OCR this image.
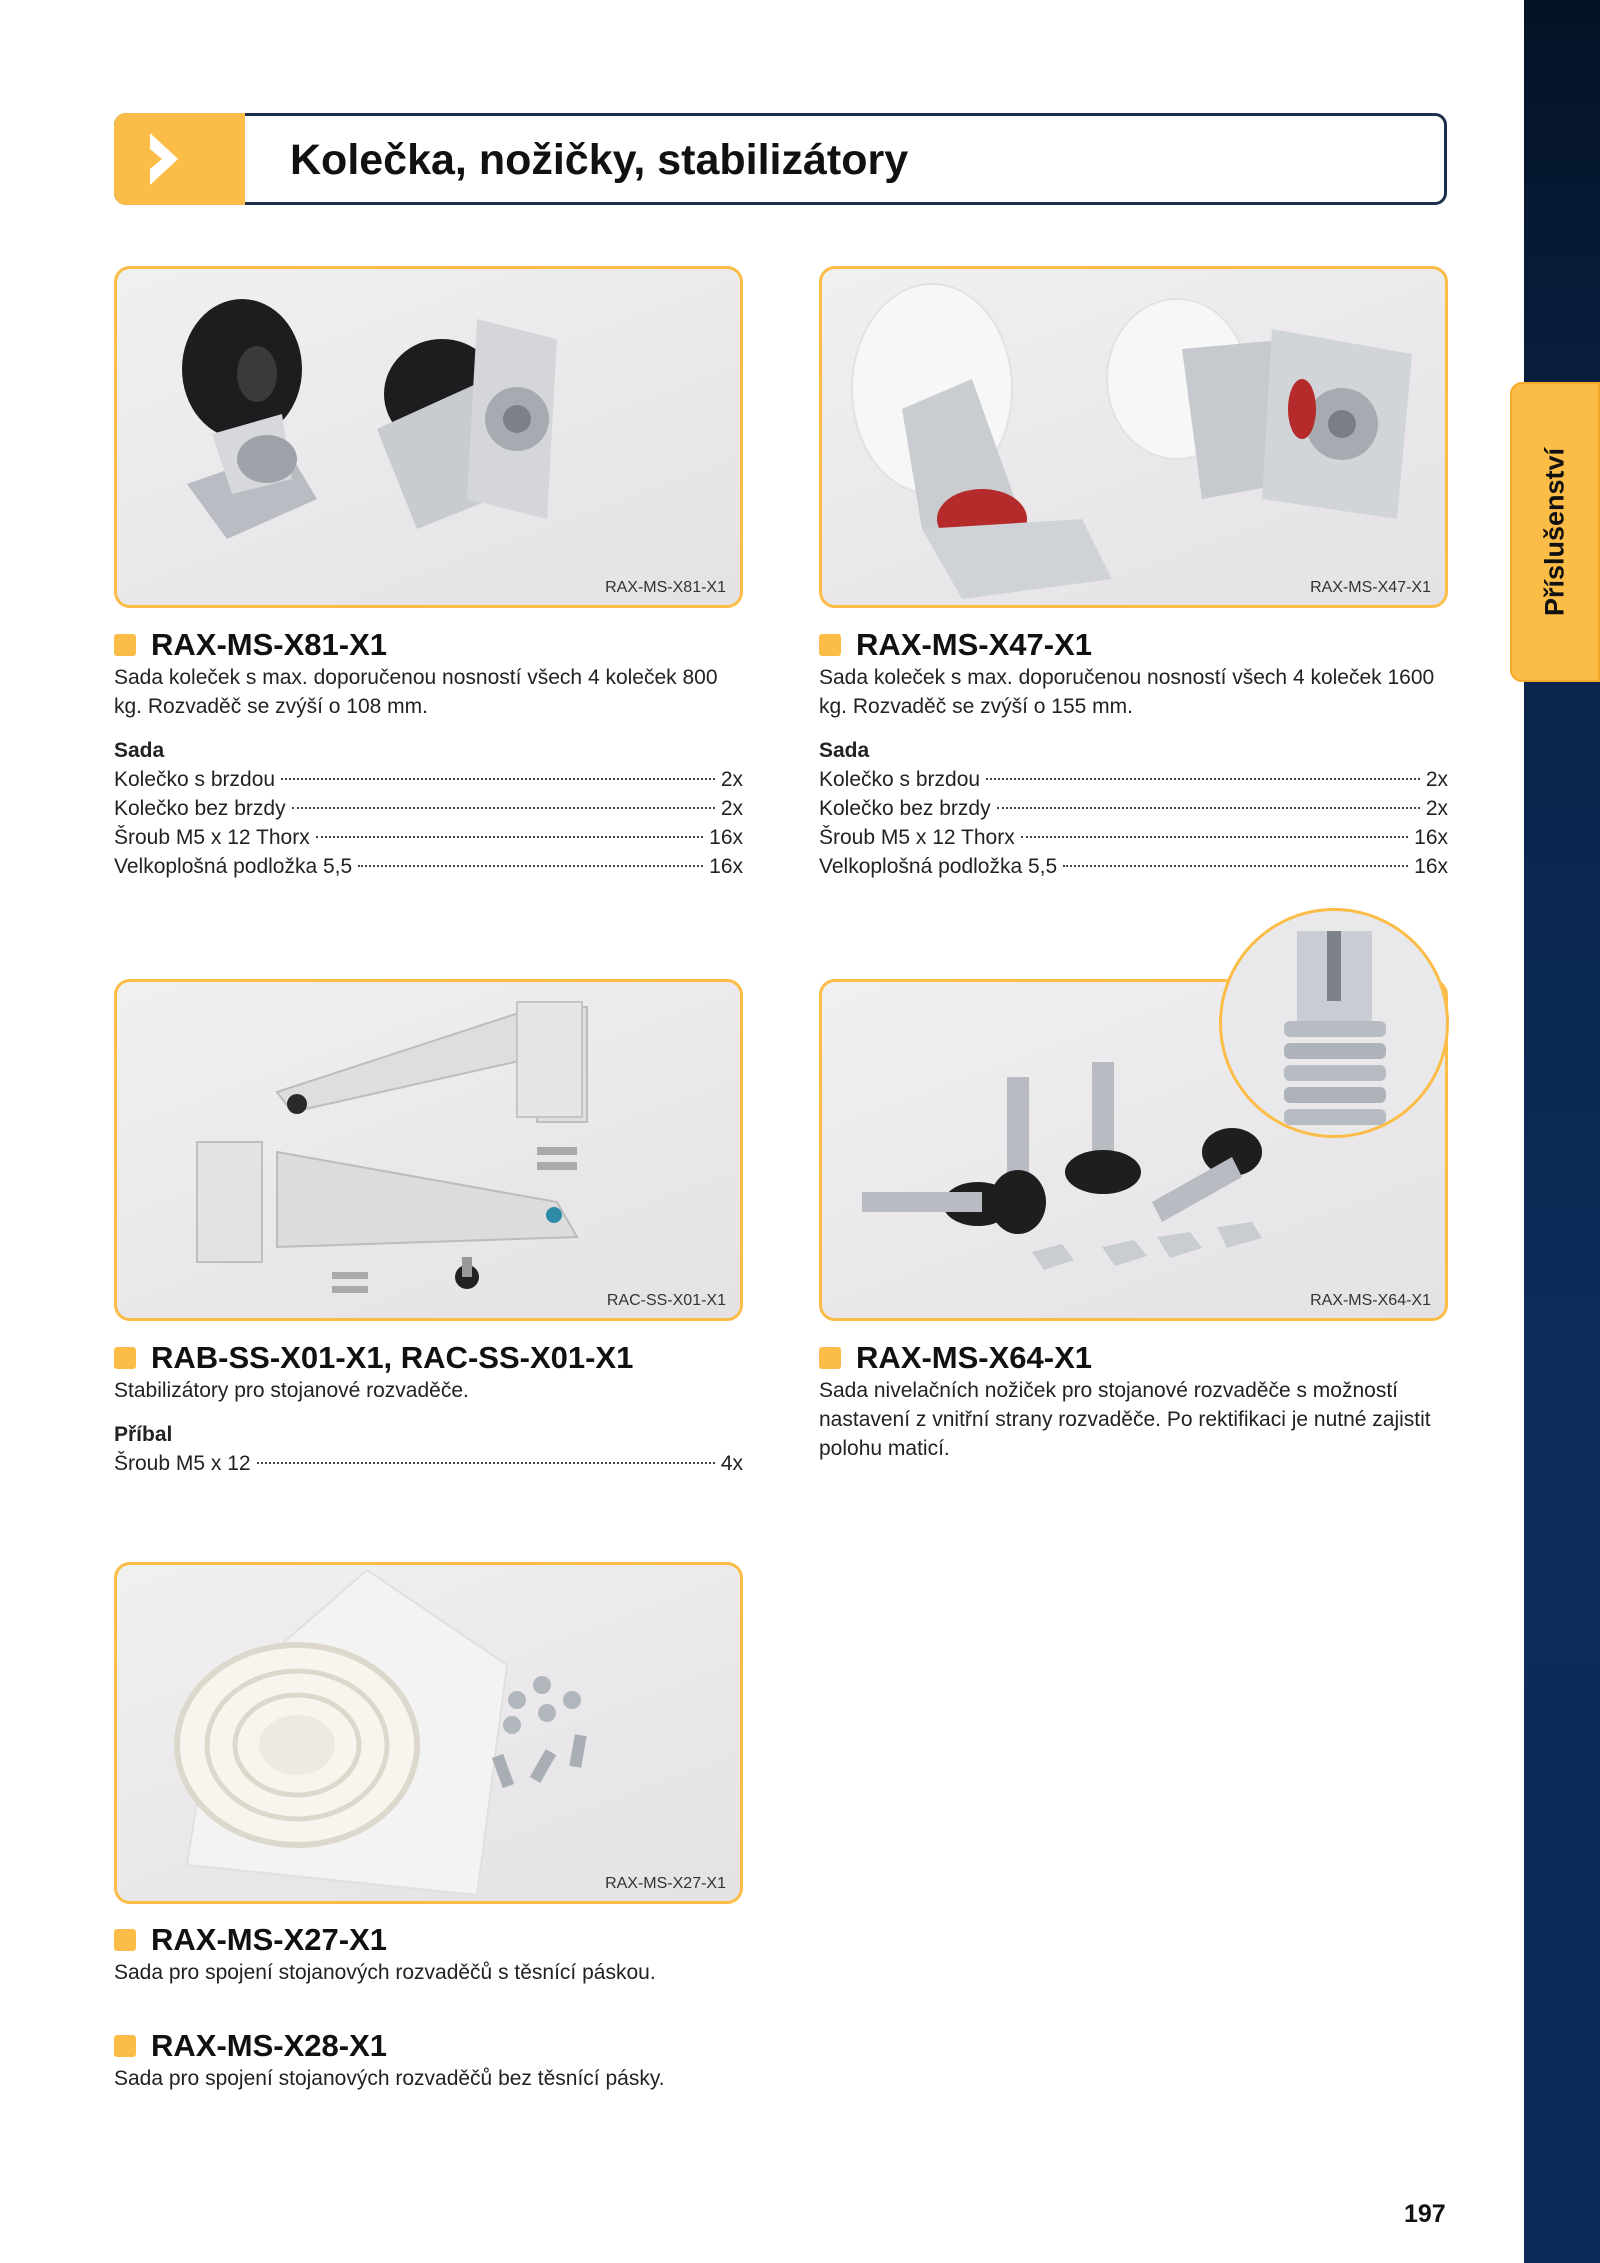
Příslušenství
Kolečka, nožičky, stabilizátory
RAX-MS-X81-X1	RAX-MS-X47-X1
RAX-MS-X81-X1
Sada koleček s max. doporučenou nosností všech 4 koleček 800 kg. Rozvaděč se zvýší o 108 mm.
Sada
Kolečko s brzdou	2x
Kolečko bez brzdy	2x
Šroub M5 x 12 Thorx	16x
Velkoplošná podložka 5,5	16x
RAX-MS-X47-X1
Sada koleček s max. doporučenou nosností všech 4 koleček 1600 kg. Rozvaděč se zvýší o 155 mm.
Sada
Kolečko s brzdou	2x
Kolečko bez brzdy	2x
Šroub M5 x 12 Thorx	16x
Velkoplošná podložka 5,5	16x
RAC-SS-X01-X1	RAX-MS-X64-X1
RAB-SS-X01-X1, RAC-SS-X01-X1
Stabilizátory pro stojanové rozvaděče.
Příbal
Šroub M5 x 12	4x
RAX-MS-X64-X1
Sada nivelačních nožiček pro stojanové rozvaděče s možností nastavení z vnitřní strany rozvaděče. Po rektifikaci je nutné zajistit polohu maticí.
RAX-MS-X27-X1
RAX-MS-X27-X1
Sada pro spojení stojanových rozvaděčů s těsnící páskou.
RAX-MS-X28-X1
Sada pro spojení stojanových rozvaděčů bez těsnící pásky.
197
